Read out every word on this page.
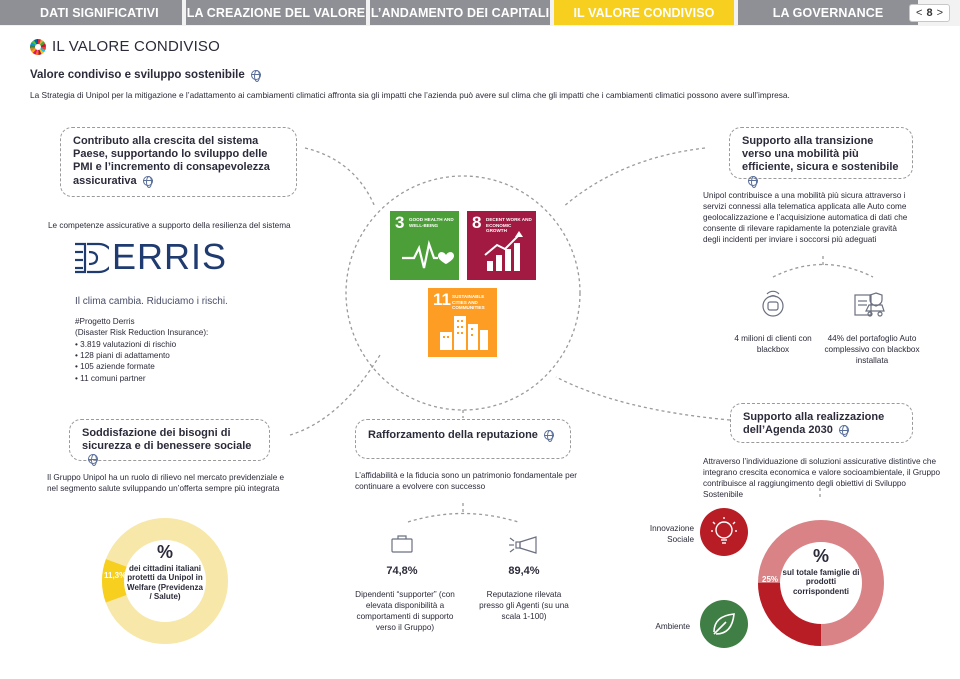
DATI SIGNIFICATIVI LA CREAZIONE DEL VALORE L’ANDAMENTO DEI CAPITALI IL VALORE CONDIVISO	LA GOVERNANCE	< 8 >
IL VALORE CONDIVISO
Valore condiviso e sviluppo sostenibile
La Strategia di Unipol per la mitigazione e l’adattamento ai cambiamenti climatici affronta sia gli impatti che l’azienda può avere sul clima che gli impatti che i cambiamenti climatici possono avere sull’impresa.
3 GOOD HEALTH AND WELL-BEING	8 DECENT WORK AND ECONOMIC GROWTH
11 SUSTAINABLE CITIES AND COMMUNITIES
Contributo alla crescita del sistema Paese, supportando lo sviluppo delle PMI e l’incremento di consapevolezza assicurativa
Le competenze assicurative a supporto della resilienza del sistema
ERRIS
Il clima cambia. Riduciamo i rischi.
#Progetto Derris
(Disaster Risk Reduction Insurance):
• 3.819 valutazioni di rischio
• 128 piani di adattamento
• 105 aziende formate
• 11 comuni partner
Supporto alla transizione verso una mobilità più efficiente, sicura e sostenibile
Unipol contribuisce a una mobilità più sicura attraverso i servizi connessi alla telematica applicata alle Auto come geolocalizzazione e l’acquisizione automatica di dati che consente di rilevare rapidamente la potenziale gravità degli incidenti per inviare i soccorsi più adeguati
4 milioni di clienti con blackbox
44% del portafoglio Auto complessivo con blackbox installata
Soddisfazione dei bisogni di sicurezza e di benessere sociale
Il Gruppo Unipol ha un ruolo di rilievo nel mercato previdenziale e nel segmento salute sviluppando un’offerta sempre più integrata
%
dei cittadini italiani protetti da Unipol in Welfare (Previdenza / Salute)
11,3%
Rafforzamento della reputazione
L’affidabilità e la fiducia sono un patrimonio fondamentale per continuare a evolvere con successo
74,8%	89,4%
Dipendenti “supporter” (con elevata disponibilità a comportamenti di supporto verso il Gruppo)
Reputazione rilevata presso gli Agenti (su una scala 1-100)
Supporto alla realizzazione dell’Agenda 2030
Attraverso l’individuazione di soluzioni assicurative distintive che integrano crescita economica e valore socioambientale, il Gruppo contribuisce al raggiungimento degli obiettivi di Sviluppo Sostenibile
Innovazione Sociale
Ambiente
%
sul totale famiglie di prodotti corrispondenti
25%
